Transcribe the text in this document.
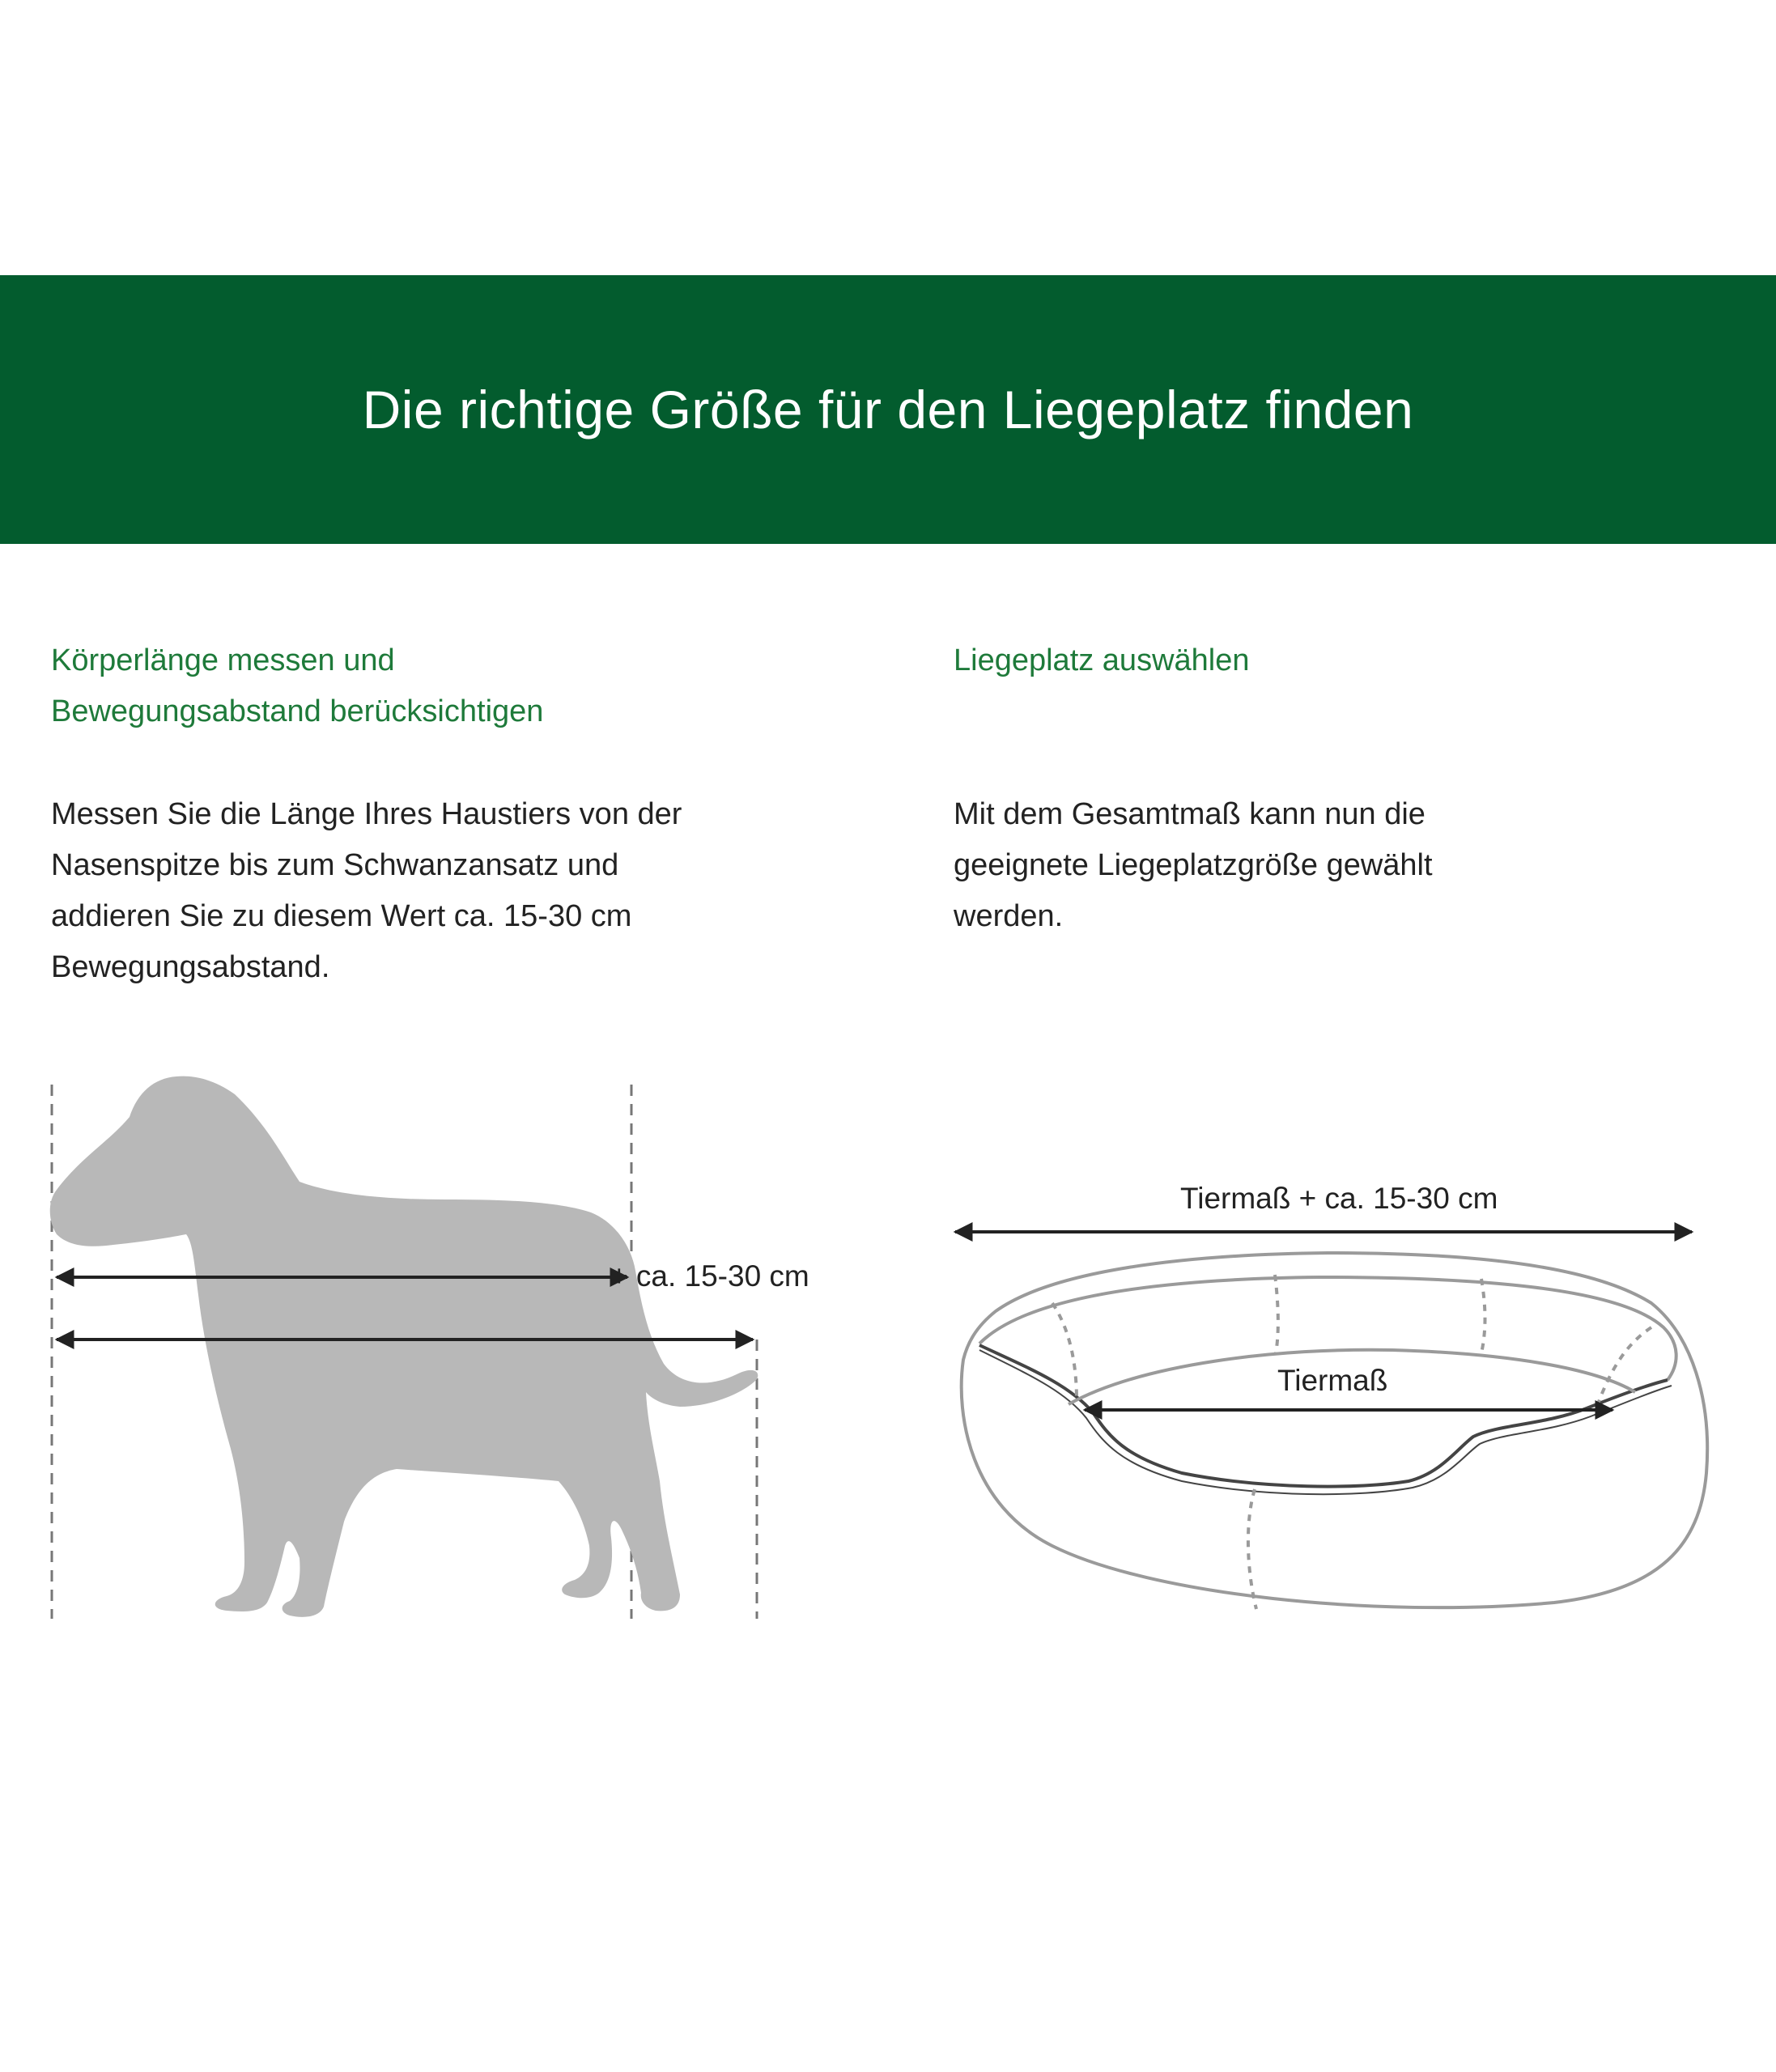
Die richtige Größe für den Liegeplatz finden
Körperlänge messen und
Bewegungsabstand berücksichtigen

Messen Sie die Länge Ihres Haustiers von der
Nasenspitze bis zum Schwanzansatz und
addieren Sie zu diesem Wert ca. 15-30 cm
Bewegungsabstand.

Liegeplatz auswählen

Mit dem Gesamtmaß kann nun die
geeignete Liegeplatzgröße gewählt
werden.

+ ca. 15-30 cm
Tiermaß + ca. 15-30 cm
Tiermaß
